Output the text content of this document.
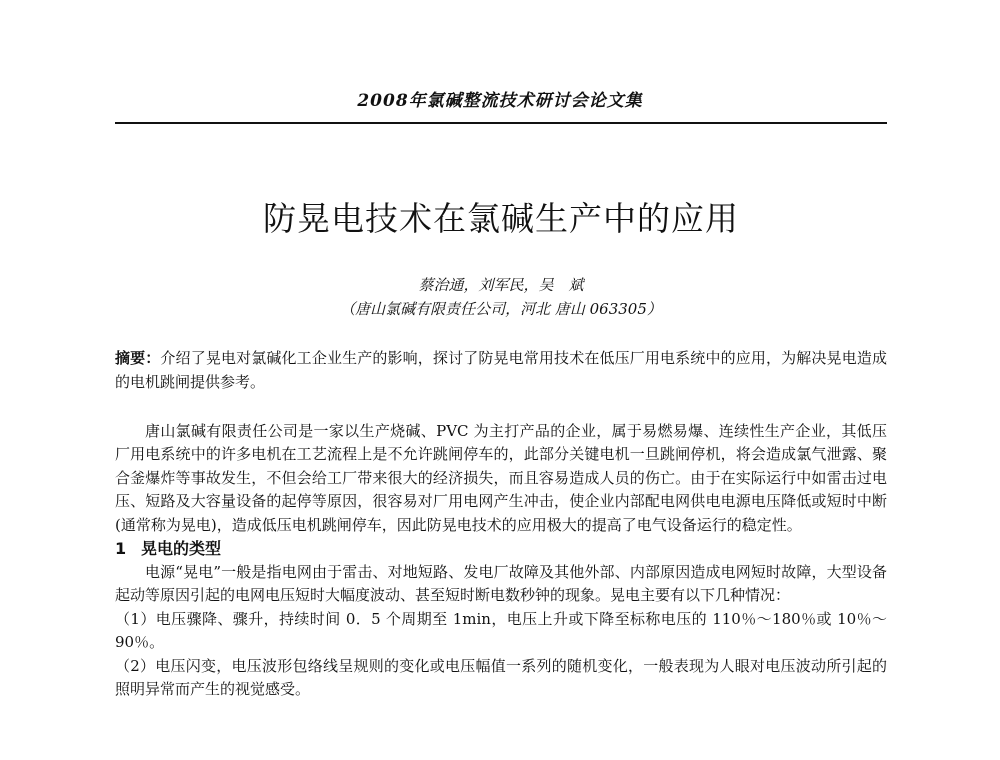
2008年氯碱整流技术研讨会论文集
防晃电技术在氯碱生产中的应用
蔡治通，刘军民，吴　斌
（唐山氯碱有限责任公司，河北 唐山 063305）
摘要：介绍了晃电对氯碱化工企业生产的影响，探讨了防晃电常用技术在低压厂用电系统中的应用，为解决晃电造成的电机跳闸提供参考。

唐山氯碱有限责任公司是一家以生产烧碱、PVC 为主打产品的企业，属于易燃易爆、连续性生产企业，其低压厂用电系统中的许多电机在工艺流程上是不允许跳闸停车的，此部分关键电机一旦跳闸停机，将会造成氯气泄露、聚合釜爆炸等事故发生，不但会给工厂带来很大的经济损失，而且容易造成人员的伤亡。由于在实际运行中如雷击过电压、短路及大容量设备的起停等原因，很容易对厂用电网产生冲击，使企业内部配电网供电电源电压降低或短时中断(通常称为晃电)，造成低压电机跳闸停车，因此防晃电技术的应用极大的提高了电气设备运行的稳定性。

1 晃电的类型

电源“晃电”一般是指电网由于雷击、对地短路、发电厂故障及其他外部、内部原因造成电网短时故障，大型设备起动等原因引起的电网电压短时大幅度波动、甚至短时断电数秒钟的现象。晃电主要有以下几种情况：

（1）电压骤降、骤升，持续时间 0．5 个周期至 1min，电压上升或下降至标称电压的 110％～180％或 10％～90％。

（2）电压闪变，电压波形包络线呈规则的变化或电压幅值一系列的随机变化，一般表现为人眼对电压波动所引起的照明异常而产生的视觉感受。
